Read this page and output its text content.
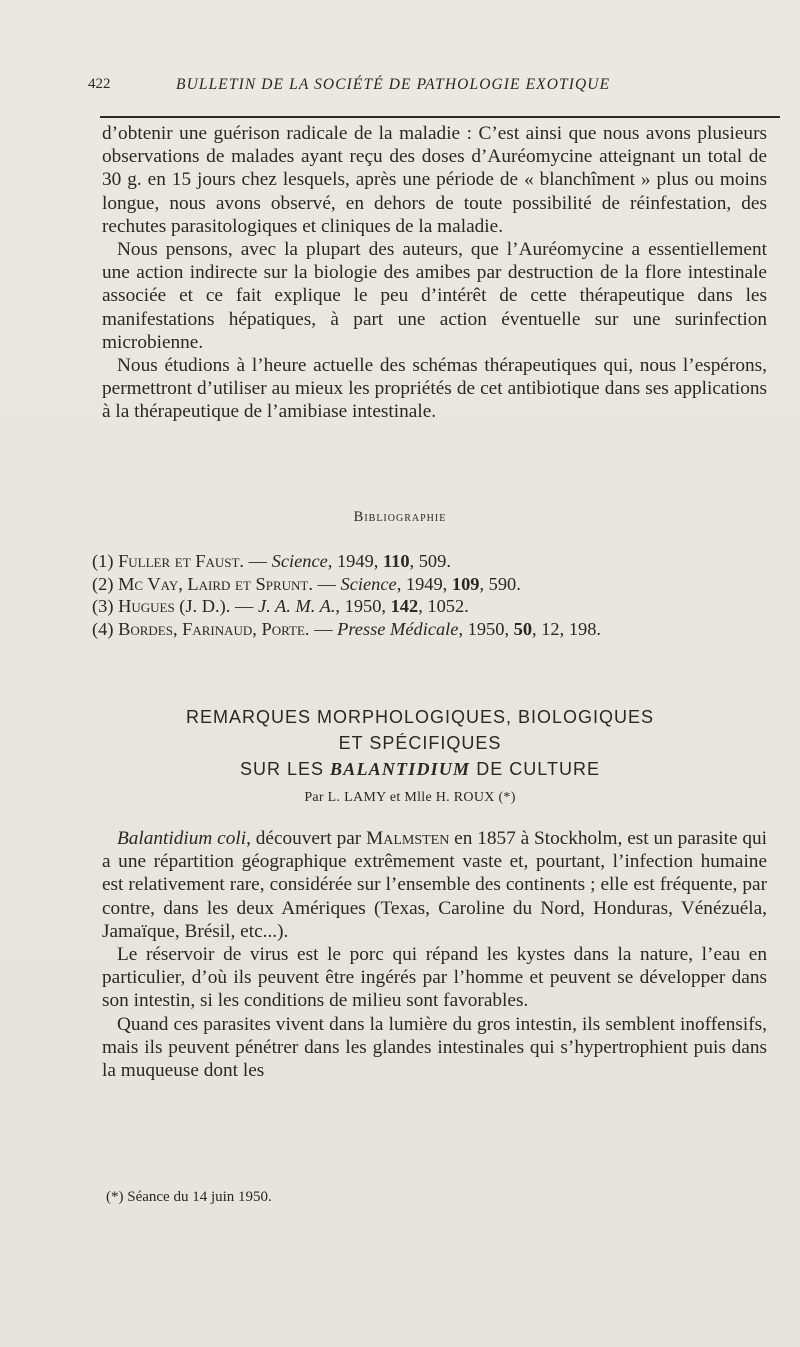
422	BULLETIN DE LA SOCIÉTÉ DE PATHOLOGIE EXOTIQUE

d’obtenir une guérison radicale de la maladie : C’est ainsi que nous avons plusieurs observations de malades ayant reçu des doses d’Auréomycine atteignant un total de 30 g. en 15 jours chez lesquels, après une période de « blanchîment » plus ou moins longue, nous avons observé, en dehors de toute possibilité de réinfestation, des rechutes parasitologiques et cliniques de la maladie.

Nous pensons, avec la plupart des auteurs, que l’Auréomycine a essentiellement une action indirecte sur la biologie des amibes par destruction de la flore intestinale associée et ce fait explique le peu d’intérêt de cette thérapeutique dans les manifestations hépatiques, à part une action éventuelle sur une surinfection microbienne.

Nous étudions à l’heure actuelle des schémas thérapeutiques qui, nous l’espérons, permettront d’utiliser au mieux les propriétés de cet antibiotique dans ses applications à la thérapeutique de l’amibiase intestinale.

Bibliographie
(1) Fuller et Faust. — Science, 1949, 110, 509.
(2) Mc Vay, Laird et Sprunt. — Science, 1949, 109, 590.
(3) Hugues (J. D.). — J. A. M. A., 1950, 142, 1052.
(4) Bordes, Farinaud, Porte. — Presse Médicale, 1950, 50, 12, 198.
REMARQUES MORPHOLOGIQUES, BIOLOGIQUES
ET SPÉCIFIQUES
SUR LES BALANTIDIUM DE CULTURE
Par L. LAMY et Mlle H. ROUX (*)

Balantidium coli, découvert par Malmsten en 1857 à Stockholm, est un parasite qui a une répartition géographique extrêmement vaste et, pourtant, l’infection humaine est relativement rare, considérée sur l’ensemble des continents ; elle est fréquente, par contre, dans les deux Amériques (Texas, Caroline du Nord, Honduras, Vénézuéla, Jamaïque, Brésil, etc...).

Le réservoir de virus est le porc qui répand les kystes dans la nature, l’eau en particulier, d’où ils peuvent être ingérés par l’homme et peuvent se développer dans son intestin, si les conditions de milieu sont favorables.

Quand ces parasites vivent dans la lumière du gros intestin, ils semblent inoffensifs, mais ils peuvent pénétrer dans les glandes intestinales qui s’hypertrophient puis dans la muqueuse dont les

(*) Séance du 14 juin 1950.
